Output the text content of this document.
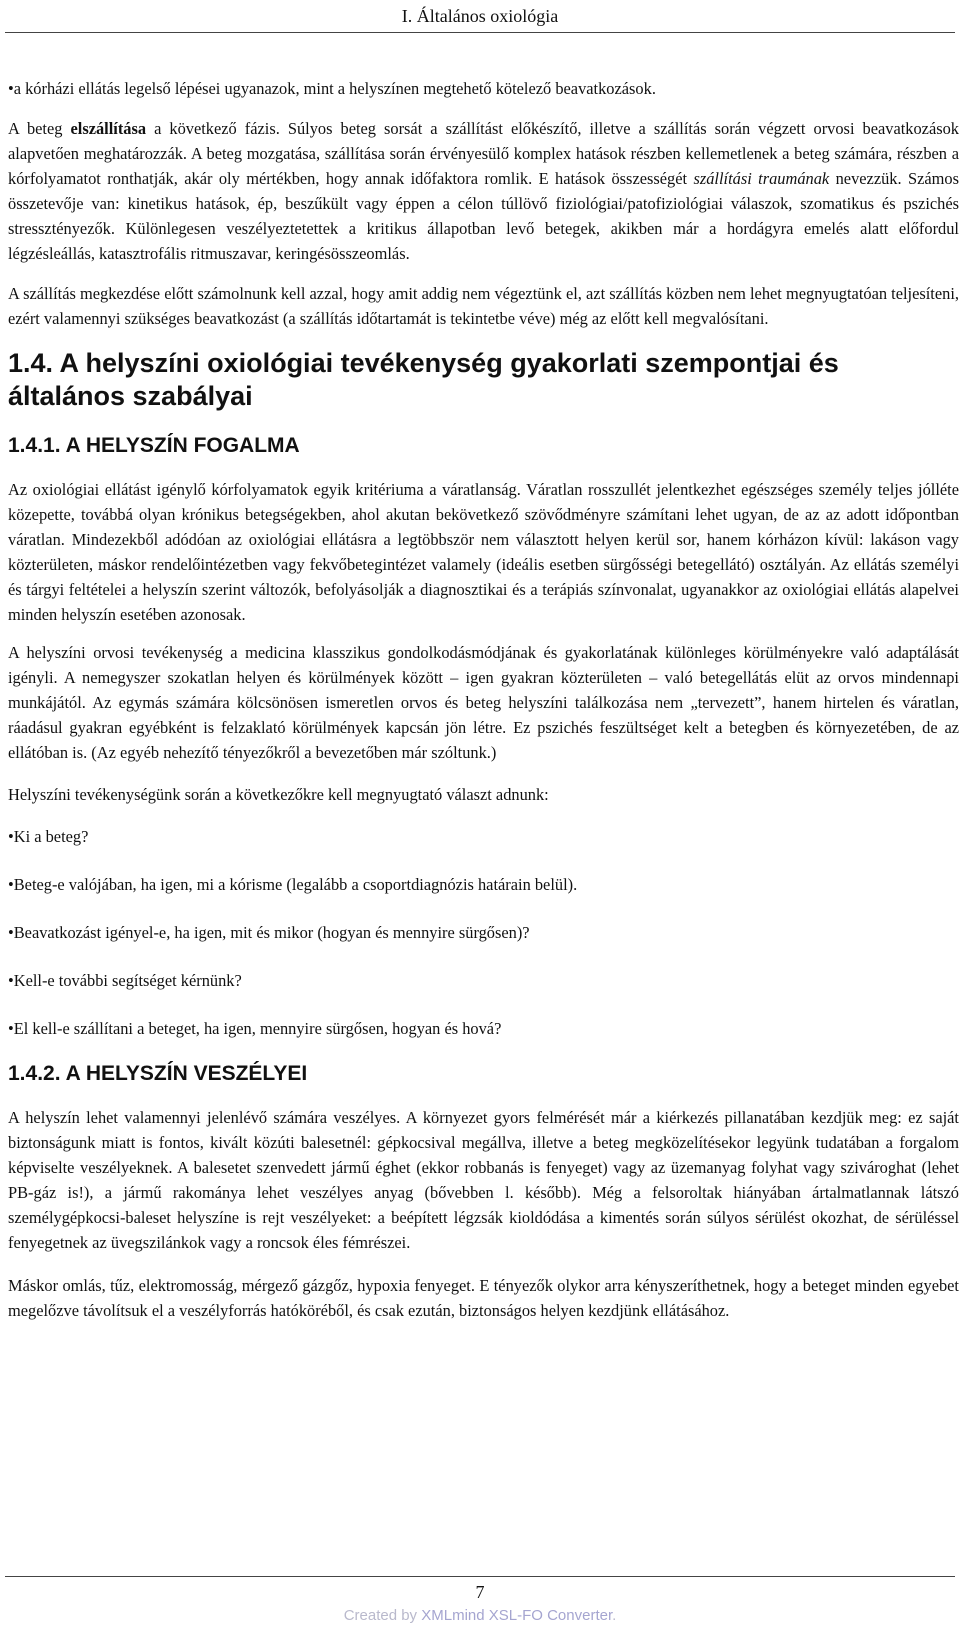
I. Általános oxiológia

•a kórházi ellátás legelső lépései ugyanazok, mint a helyszínen megtehető kötelező beavatkozások.

A beteg elszállítása a következő fázis. Súlyos beteg sorsát a szállítást előkészítő, illetve a szállítás során végzett orvosi beavatkozások alapvetően meghatározzák. A beteg mozgatása, szállítása során érvényesülő komplex hatások részben kellemetlenek a beteg számára, részben a kórfolyamatot ronthatják, akár oly mértékben, hogy annak időfaktora romlik. E hatások összességét szállítási traumának nevezzük. Számos összetevője van: kinetikus hatások, ép, beszűkült vagy éppen a célon túllövő fiziológiai/patofiziológiai válaszok, szomatikus és pszichés stressztényezők. Különlegesen veszélyeztetettek a kritikus állapotban levő betegek, akikben már a hordágyra emelés alatt előfordul légzésleállás, katasztrofális ritmuszavar, keringésösszeomlás.

A szállítás megkezdése előtt számolnunk kell azzal, hogy amit addig nem végeztünk el, azt szállítás közben nem lehet megnyugtatóan teljesíteni, ezért valamennyi szükséges beavatkozást (a szállítás időtartamát is tekintetbe véve) még az előtt kell megvalósítani.

1.4. A helyszíni oxiológiai tevékenység gyakorlati szempontjai és általános szabályai
1.4.1. A HELYSZÍN FOGALMA

Az oxiológiai ellátást igénylő kórfolyamatok egyik kritériuma a váratlanság. Váratlan rosszullét jelentkezhet egészséges személy teljes jólléte közepette, továbbá olyan krónikus betegségekben, ahol akutan bekövetkező szövődményre számítani lehet ugyan, de az az adott időpontban váratlan. Mindezekből adódóan az oxiológiai ellátásra a legtöbbször nem választott helyen kerül sor, hanem kórházon kívül: lakáson vagy közterületen, máskor rendelőintézetben vagy fekvőbetegintézet valamely (ideális esetben sürgősségi betegellátó) osztályán. Az ellátás személyi és tárgyi feltételei a helyszín szerint változók, befolyásolják a diagnosztikai és a terápiás színvonalat, ugyanakkor az oxiológiai ellátás alapelvei minden helyszín esetében azonosak.

A helyszíni orvosi tevékenység a medicina klasszikus gondolkodásmódjának és gyakorlatának különleges körülményekre való adaptálását igényli. A nemegyszer szokatlan helyen és körülmények között – igen gyakran közterületen – való betegellátás elüt az orvos mindennapi munkájától. Az egymás számára kölcsönösen ismeretlen orvos és beteg helyszíni találkozása nem „tervezett”, hanem hirtelen és váratlan, ráadásul gyakran egyébként is felzaklató körülmények kapcsán jön létre. Ez pszichés feszültséget kelt a betegben és környezetében, de az ellátóban is. (Az egyéb nehezítő tényezőkről a bevezetőben már szóltunk.)

Helyszíni tevékenységünk során a következőkre kell megnyugtató választ adnunk:

•Ki a beteg?
•Beteg-e valójában, ha igen, mi a kórisme (legalább a csoportdiagnózis határain belül).
•Beavatkozást igényel-e, ha igen, mit és mikor (hogyan és mennyire sürgősen)?
•Kell-e további segítséget kérnünk?
•El kell-e szállítani a beteget, ha igen, mennyire sürgősen, hogyan és hová?
1.4.2. A HELYSZÍN VESZÉLYEI

A helyszín lehet valamennyi jelenlévő számára veszélyes. A környezet gyors felmérését már a kiérkezés pillanatában kezdjük meg: ez saját biztonságunk miatt is fontos, kivált közúti balesetnél: gépkocsival megállva, illetve a beteg megközelítésekor legyünk tudatában a forgalom képviselte veszélyeknek. A balesetet szenvedett jármű éghet (ekkor robbanás is fenyeget) vagy az üzemanyag folyhat vagy szivároghat (lehet PB-gáz is!), a jármű rakománya lehet veszélyes anyag (bővebben l. később). Még a felsoroltak hiányában ártalmatlannak látszó személygépkocsi-baleset helyszíne is rejt veszélyeket: a beépített légzsák kioldódása a kimentés során súlyos sérülést okozhat, de sérüléssel fenyegetnek az üvegszilánkok vagy a roncsok éles fémrészei.

Máskor omlás, tűz, elektromosság, mérgező gázgőz, hypoxia fenyeget. E tényezők olykor arra kényszeríthetnek, hogy a beteget minden egyebet megelőzve távolítsuk el a veszélyforrás hatóköréből, és csak ezután, biztonságos helyen kezdjünk ellátásához.

7
Created by XMLmind XSL-FO Converter.
